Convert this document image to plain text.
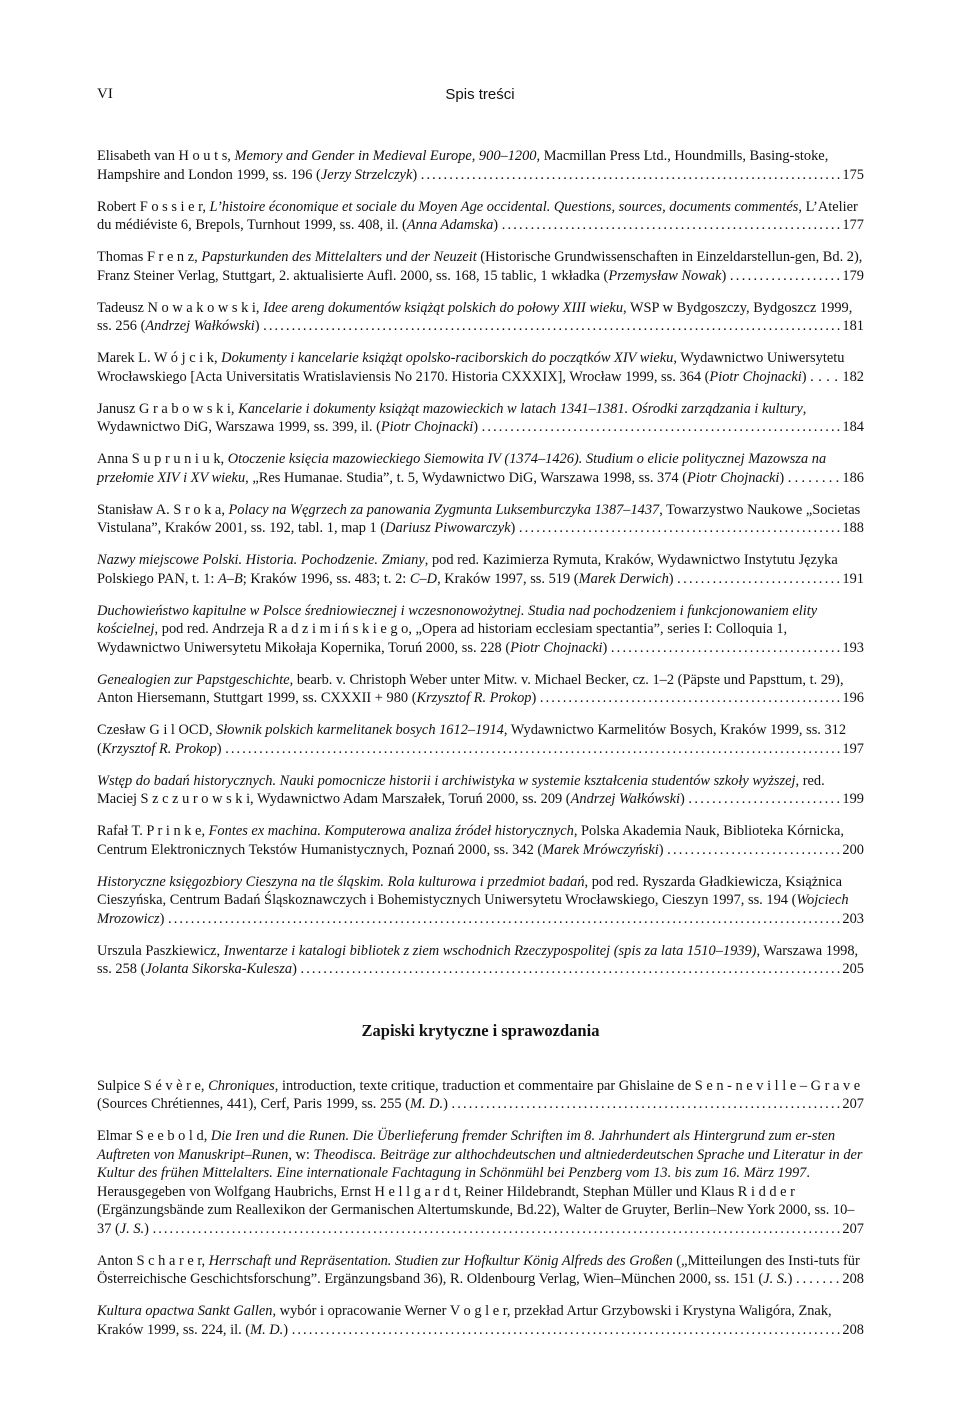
VI	Spis treści
Elisabeth van H o u t s, Memory and Gender in Medieval Europe, 900–1200, Macmillan Press Ltd., Houndmills, Basing-stoke, Hampshire and London 1999, ss. 196 (Jerzy Strzelczyk) ..........................................................................175
Robert F o s s i e r, L’histoire économique et sociale du Moyen Age occidental. Questions, sources, documents commentés, L’Atelier du médiéviste 6, Brepols, Turnhout 1999, ss. 408, il. (Anna Adamska) ...........................................................177
Thomas F r e n z, Papsturkunden des Mittelalters und der Neuzeit (Historische Grundwissenschaften in Einzeldarstellun-gen, Bd. 2), Franz Steiner Verlag, Stuttgart, 2. aktualisierte Aufl. 2000, ss. 168, 15 tablic, 1 wkładka (Przemysław Nowak) ...................179
Tadeusz N o w a k o w s k i, Idee areng dokumentów książąt polskich do połowy XIII wieku, WSP w Bydgoszczy, Bydgoszcz 1999, ss. 256 (Andrzej Wałkówski) ......................................................................................................181
Marek L. W ó j c i k, Dokumenty i kancelarie książąt opolsko-raciborskich do początków XIV wieku, Wydawnictwo Uniwersytetu Wrocławskiego [Acta Universitatis Wratislaviensis No 2170. Historia CXXXIX], Wrocław 1999, ss. 364 (Piotr Chojnacki) ....182
Janusz G r a b o w s k i, Kancelarie i dokumenty książąt mazowieckich w latach 1341–1381. Ośrodki zarządzania i kultury, Wydawnictwo DiG, Warszawa 1999, ss. 399, il. (Piotr Chojnacki) ...............................................................184
Anna S u p r u n i u k, Otoczenie księcia mazowieckiego Siemowita IV (1374–1426). Studium o elicie politycznej Mazowsza na przełomie XIV i XV wieku, „Res Humanae. Studia”, t. 5, Wydawnictwo DiG, Warszawa 1998, ss. 374 (Piotr Chojnacki) ........186
Stanisław A. S r o k a, Polacy na Węgrzech za panowania Zygmunta Luksemburczyka 1387–1437, Towarzystwo Naukowe „Societas Vistulana”, Kraków 2001, ss. 192, tabl. 1, map 1 (Dariusz Piwowarczyk) ........................................................188
Nazwy miejscowe Polski. Historia. Pochodzenie. Zmiany, pod red. Kazimierza Rymuta, Kraków, Wydawnictwo Instytutu Języka Polskiego PAN, t. 1: A–B; Kraków 1996, ss. 483; t. 2: C–D, Kraków 1997, ss. 519 (Marek Derwich) ............................191
Duchowieństwo kapitulne w Polsce średniowiecznej i wczesnonowożytnej. Studia nad pochodzeniem i funkcjonowaniem elity kościelnej, pod red. Andrzeja R a d z i m i ń s k i e g o, „Opera ad historiam ecclesiam spectantia”, series I: Colloquia 1, Wydawnictwo Uniwersytetu Mikołaja Kopernika, Toruń 2000, ss. 228 (Piotr Chojnacki) ........................................193
Genealogien zur Papstgeschichte, bearb. v. Christoph Weber unter Mitw. v. Michael Becker, cz. 1–2 (Päpste und Papsttum, t. 29), Anton Hiersemann, Stuttgart 1999, ss. CXXXII + 980 (Krzysztof R. Prokop) .....................................................196
Czesław G i l OCD, Słownik polskich karmelitanek bosych 1612–1914, Wydawnictwo Karmelitów Bosych, Kraków 1999, ss. 312 (Krzysztof R. Prokop) .............................................................................................................197
Wstęp do badań historycznych. Nauki pomocnicze historii i archiwistyka w systemie kształcenia studentów szkoły wyższej, red. Maciej S z c z u r o w s k i, Wydawnictwo Adam Marszałek, Toruń 2000, ss. 209 (Andrzej Wałkówski) ..........................199
Rafał T. P r i n k e, Fontes ex machina. Komputerowa analiza źródeł historycznych, Polska Akademia Nauk, Biblioteka Kórnicka, Centrum Elektronicznych Tekstów Humanistycznych, Poznań 2000, ss. 342 (Marek Mrówczyński) ..............................200
Historyczne księgozbiory Cieszyna na tle śląskim. Rola kulturowa i przedmiot badań, pod red. Ryszarda Gładkiewicza, Książnica Cieszyńska, Centrum Badań Śląskoznawczych i Bohemistycznych Uniwersytetu Wrocławskiego, Cieszyn 1997, ss. 194 (Wojciech Mrozowicz) .......................................................................................................................203
Urszula Paszkiewicz, Inwentarze i katalogi bibliotek z ziem wschodnich Rzeczypospolitej (spis za lata 1510–1939), Warszawa 1998, ss. 258 (Jolanta Sikorska-Kulesza) ...............................................................................................205
Zapiski krytyczne i sprawozdania
Sulpice S é v è r e, Chroniques, introduction, texte critique, traduction et commentaire par Ghislaine de S e n - n e v i l l e – G r a v e (Sources Chrétiennes, 441), Cerf, Paris 1999, ss. 255 (M. D.) ....................................................................207
Elmar S e e b o l d, Die Iren und die Runen. Die Überlieferung fremder Schriften im 8. Jahrhundert als Hintergrund zum er-sten Auftreten von Manuskript–Runen, w: Theodisca. Beiträge zur althochdeutschen und altniederdeutschen Sprache und Literatur in der Kultur des frühen Mittelalters. Eine internationale Fachtagung in Schönmühl bei Penzberg vom 13. bis zum 16. März 1997. Herausgegeben von Wolfgang Haubrichs, Ernst H e l l g a r d t, Reiner Hildebrandt, Stephan Müller und Klaus R i d d e r (Ergänzungsbände zum Reallexikon der Germanischen Altertumskunde, Bd.22), Walter de Gruyter, Berlin–New York 2000, ss. 10–37 (J. S.) ..........................................................................................................................207
Anton S c h a r e r, Herrschaft und Repräsentation. Studien zur Hofkultur König Alfreds des Großen („Mitteilungen des Insti-tuts für Österreichische Geschichtsforschung”. Ergänzungsband 36), R. Oldenbourg Verlag, Wien–München 2000, ss. 151 (J. S.) .......208
Kultura opactwa Sankt Gallen, wybór i opracowanie Werner V o g l e r, przekład Artur Grzybowski i Krystyna Waligóra, Znak, Kraków 1999, ss. 224, il. (M. D.) .................................................................................................208
